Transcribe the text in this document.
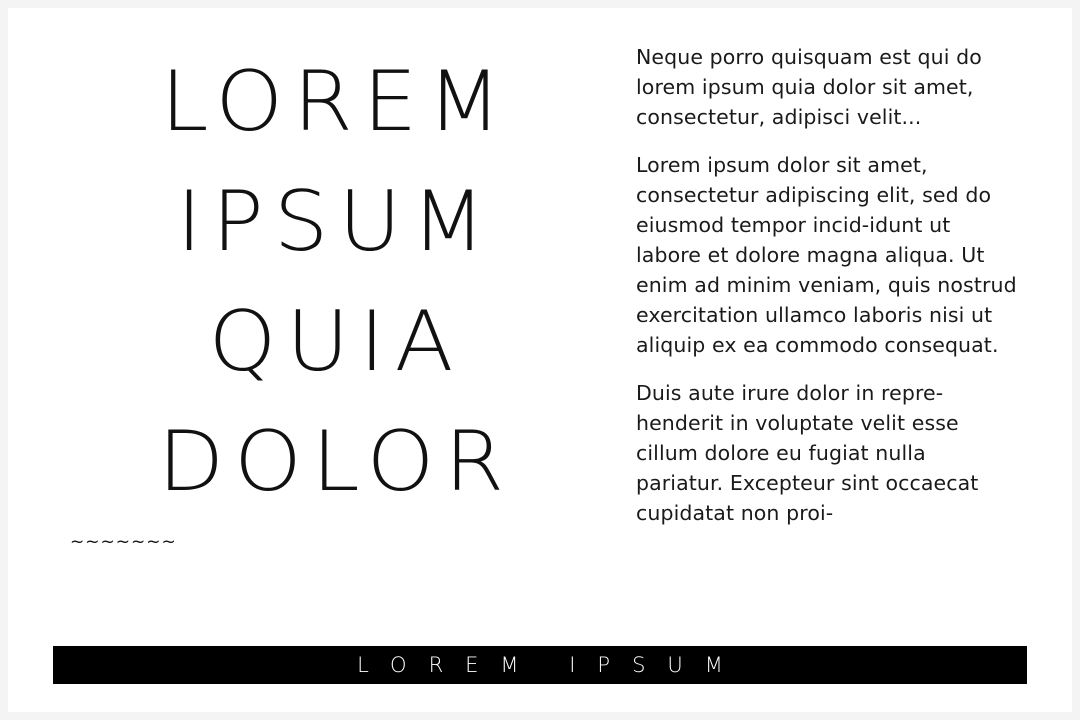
LOREM
IPSUM
QUIA
DOLOR
~~~~~~~

Neque porro quisquam est qui do lorem ipsum quia dolor sit amet, consectetur, adipisci velit...

Lorem ipsum dolor sit amet, consectetur adipiscing elit, sed do eiusmod tempor incid-idunt ut labore et dolore magna aliqua. Ut enim ad minim veniam, quis nostrud exercitation ullamco laboris nisi ut aliquip ex ea commodo consequat.

Duis aute irure dolor in repre-henderit in voluptate velit esse cillum dolore eu fugiat nulla pariatur. Excepteur sint occaecat cupidatat non proi-

LOREM IPSUM
